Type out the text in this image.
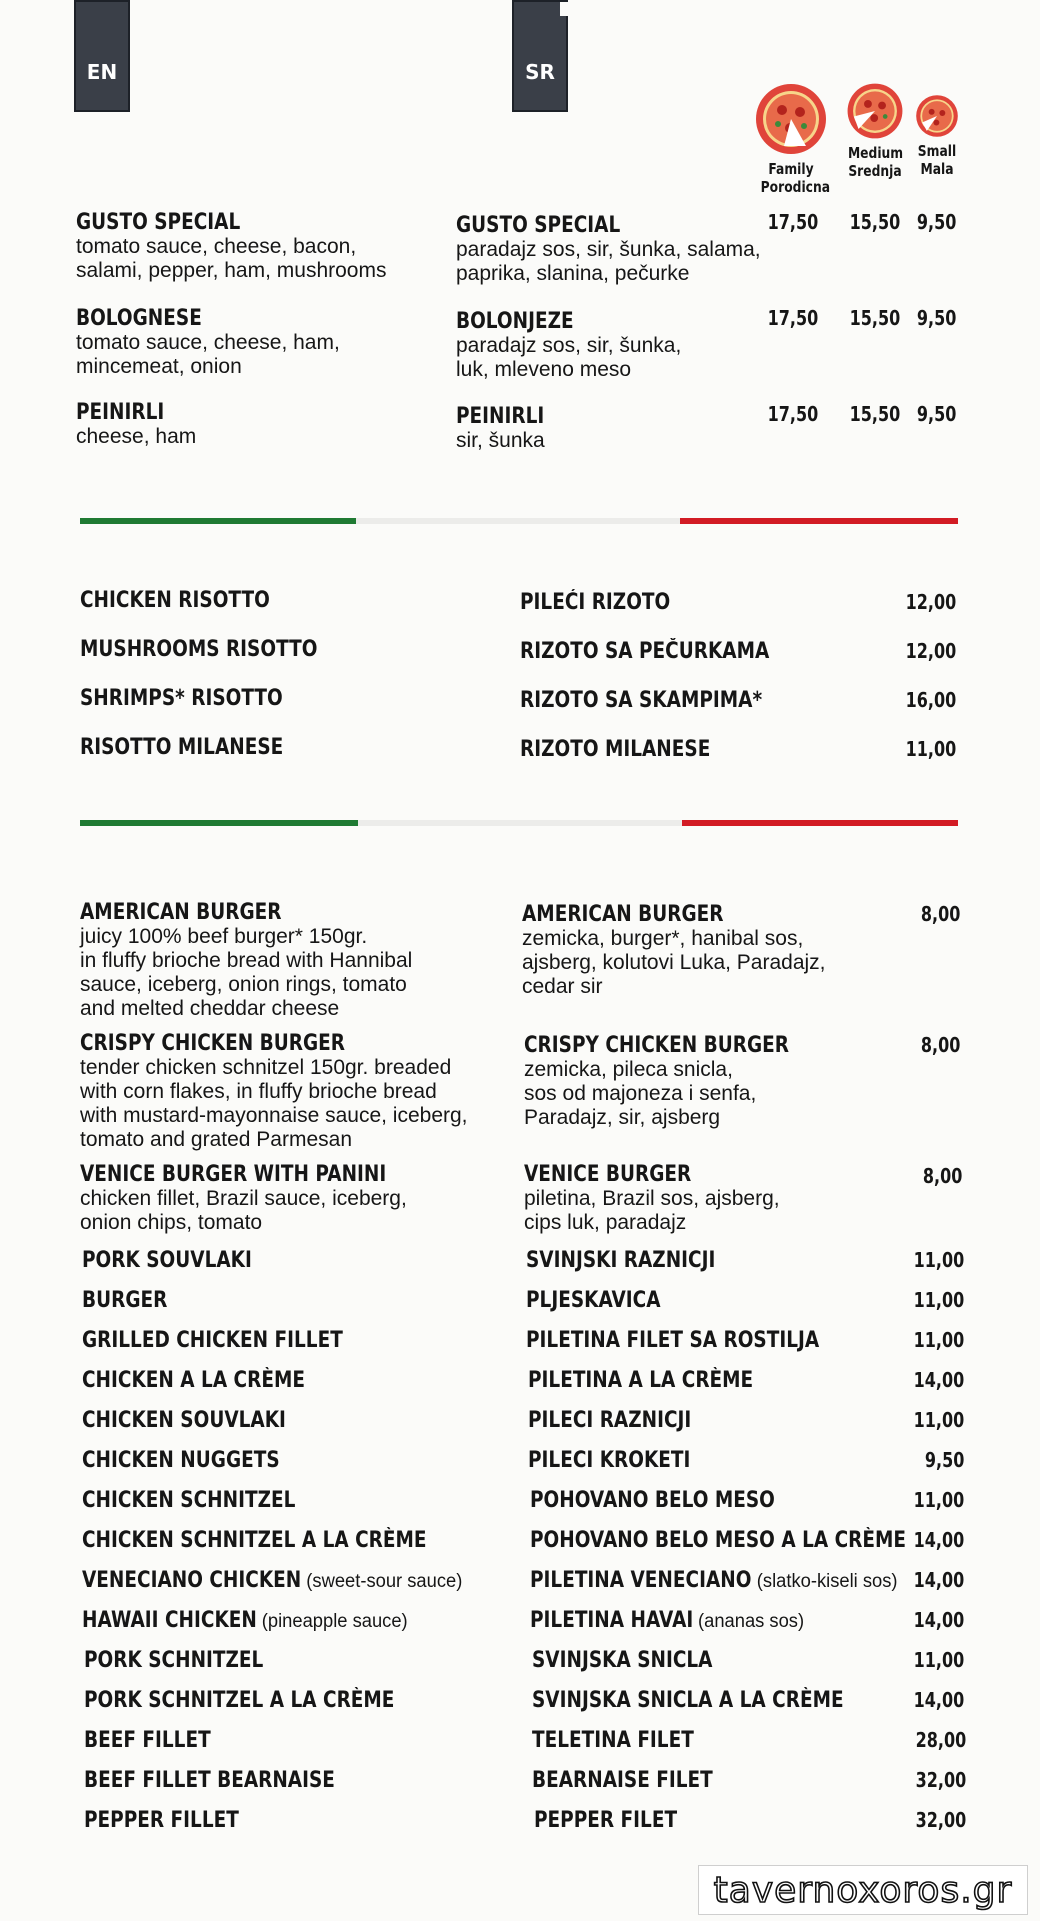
EN	SR
Family
Porodicna
Medium
Srednja
Small
Mala
GUSTO SPECIAL
tomato sauce, cheese, bacon,
salami, pepper, ham, mushrooms
GUSTO SPECIAL
paradajz sos, sir, šunka, salama,
paprika, slanina, pečurke
17,50 15,50 9,50
BOLOGNESE
tomato sauce, cheese, ham,
mincemeat, onion
BOLONJEZE
paradajz sos, sir, šunka,
luk, mleveno meso
17,50 15,50 9,50
PEINIRLI
cheese, ham
PEINIRLI
sir, šunka
17,50 15,50 9,50
CHICKEN RISOTTO	PILEĆI RIZOTO	12,00
MUSHROOMS RISOTTO	RIZOTO SA PEČURKAMA	12,00
SHRIMPS* RISOTTO	RIZOTO SA SKAMPIMA*	16,00
RISOTTO MILANESE	RIZOTO MILANESE	11,00
AMERICAN BURGER
juicy 100% beef burger* 150gr.
in fluffy brioche bread with Hannibal
sauce, iceberg, onion rings, tomato
and melted cheddar cheese
AMERICAN BURGER
zemicka, burger*, hanibal sos,
ajsberg, kolutovi Luka, Paradajz,
cedar sir
8,00
CRISPY CHICKEN BURGER
tender chicken schnitzel 150gr. breaded
with corn flakes, in fluffy brioche bread
with mustard-mayonnaise sauce, iceberg,
tomato and grated Parmesan
CRISPY CHICKEN BURGER
zemicka, pileca snicla,
sos od majoneza i senfa,
Paradajz, sir, ajsberg
8,00
VENICE BURGER WITH PANINI
chicken fillet, Brazil sauce, iceberg,
onion chips, tomato
VENICE BURGER
piletina, Brazil sos, ajsberg,
cips luk, paradajz
8,00
PORK SOUVLAKI	SVINJSKI RAZNICJI	11,00
BURGER	PLJESKAVICA	11,00
GRILLED CHICKEN FILLET	PILETINA FILET SA ROSTILJA	11,00
CHICKEN A LA CRÈME	PILETINA A LA CRÈME	14,00
CHICKEN SOUVLAKI	PILECI RAZNICJI	11,00
CHICKEN NUGGETS	PILECI KROKETI	9,50
CHICKEN SCHNITZEL	POHOVANO BELO MESO	11,00
CHICKEN SCHNITZEL A LA CRÈME	POHOVANO BELO MESO A LA CRÈME 14,00
VENECIANO CHICKEN (sweet-sour sauce)	PILETINA VENECIANO (slatko-kiseli sos) 14,00
HAWAII CHICKEN (pineapple sauce)	PILETINA HAVAI (ananas sos)	14,00
PORK SCHNITZEL	SVINJSKA SNICLA	11,00
PORK SCHNITZEL A LA CRÈME	SVINJSKA SNICLA A LA CRÈME	14,00
BEEF FILLET	TELETINA FILET	28,00
BEEF FILLET BEARNAISE	BEARNAISE FILET	32,00
PEPPER FILLET	PEPPER FILET	32,00
tavernoxoros.gr
